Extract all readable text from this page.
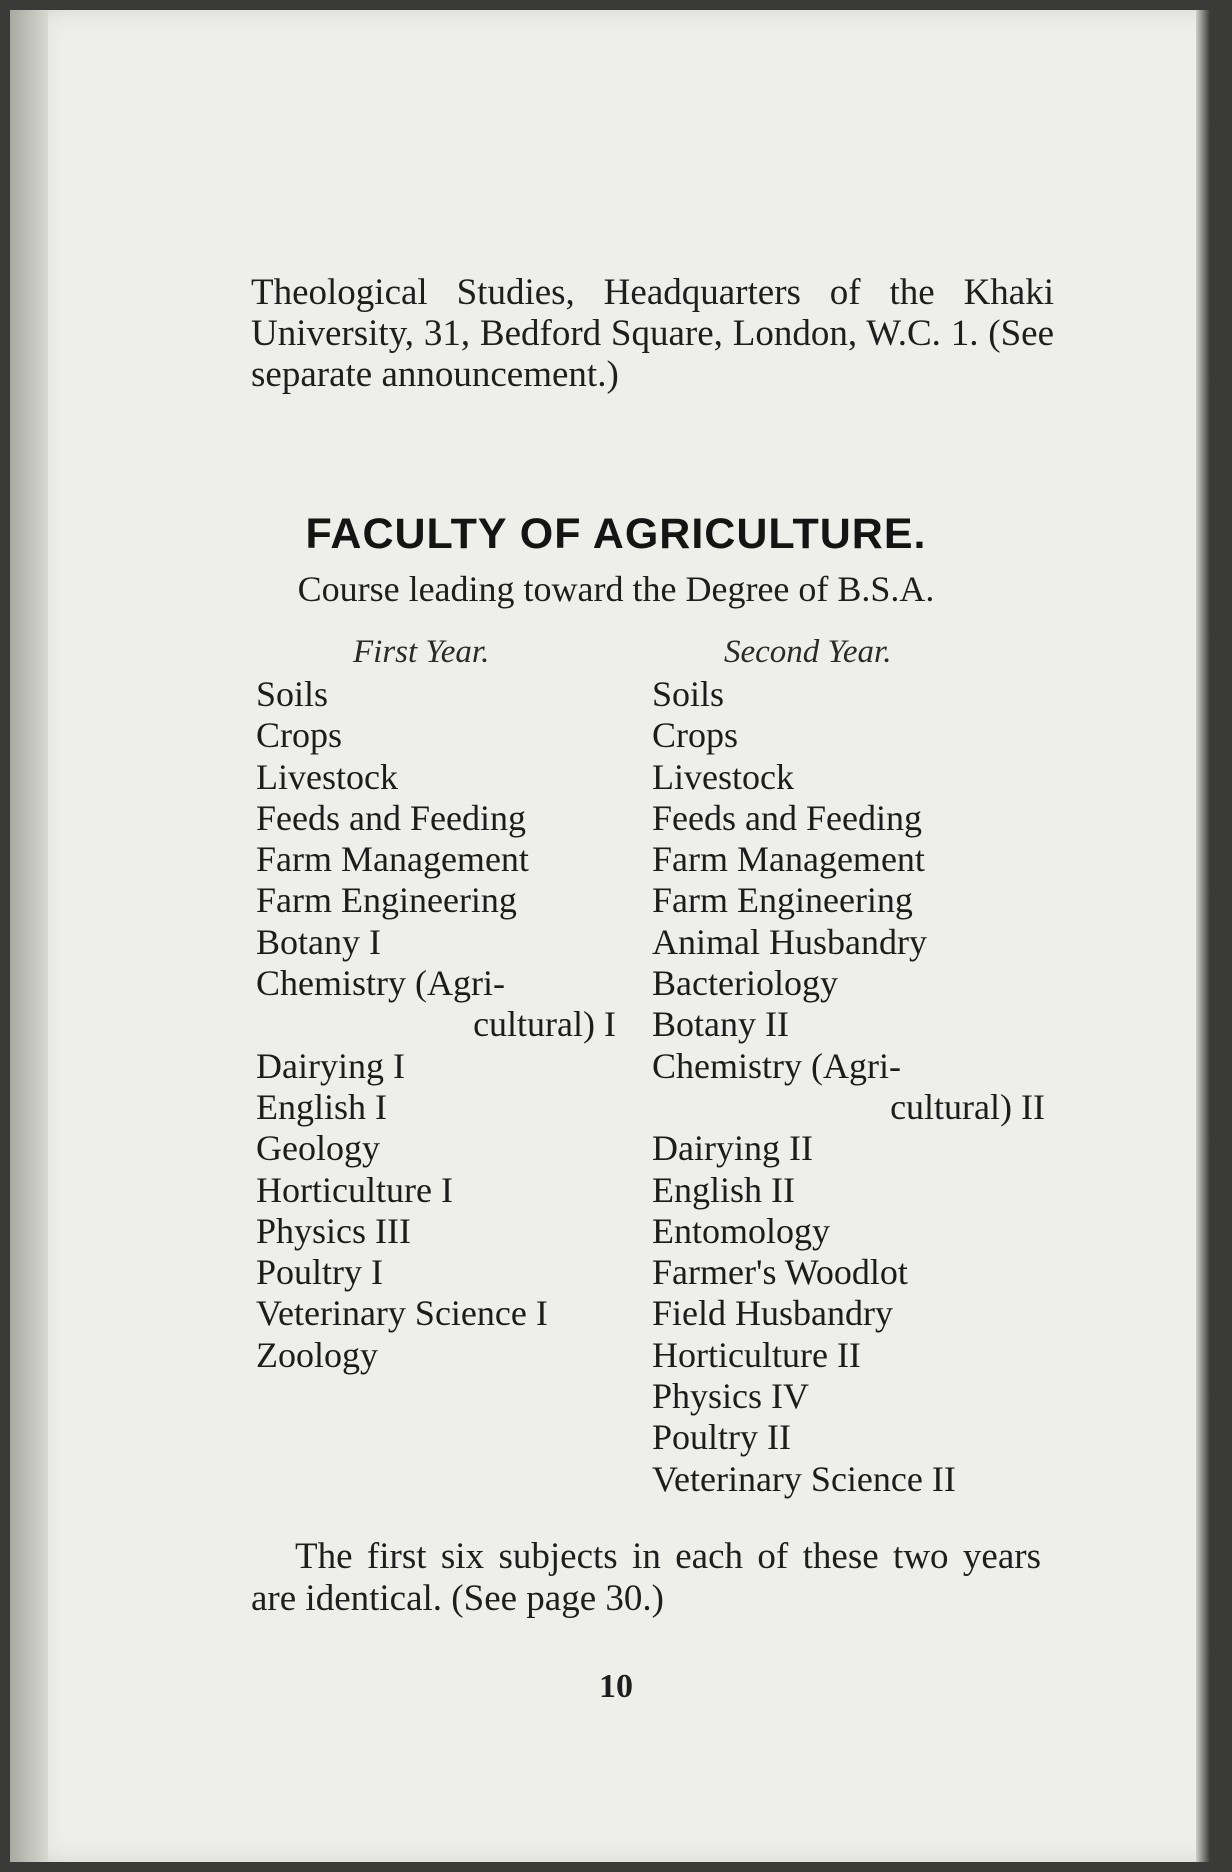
Theological Studies, Headquarters of the Khaki University, 31, Bedford Square, London, W.C. 1. (See separate announcement.)

FACULTY OF AGRICULTURE.
Course leading toward the Degree of B.S.A.
First Year.	Second Year.
Soils
Crops
Livestock
Feeds and Feeding
Farm Management
Farm Engineering
Botany I
Chemistry (Agri-
cultural) I
Dairying I
English I
Geology
Horticulture I
Physics III
Poultry I
Veterinary Science I
Zoology
Soils
Crops
Livestock
Feeds and Feeding
Farm Management
Farm Engineering
Animal Husbandry
Bacteriology
Botany II
Chemistry (Agri-
cultural) II
Dairying II
English II
Entomology
Farmer's Woodlot
Field Husbandry
Horticulture II
Physics IV
Poultry II
Veterinary Science II

The first six subjects in each of these two years are identical. (See page 30.)

10
